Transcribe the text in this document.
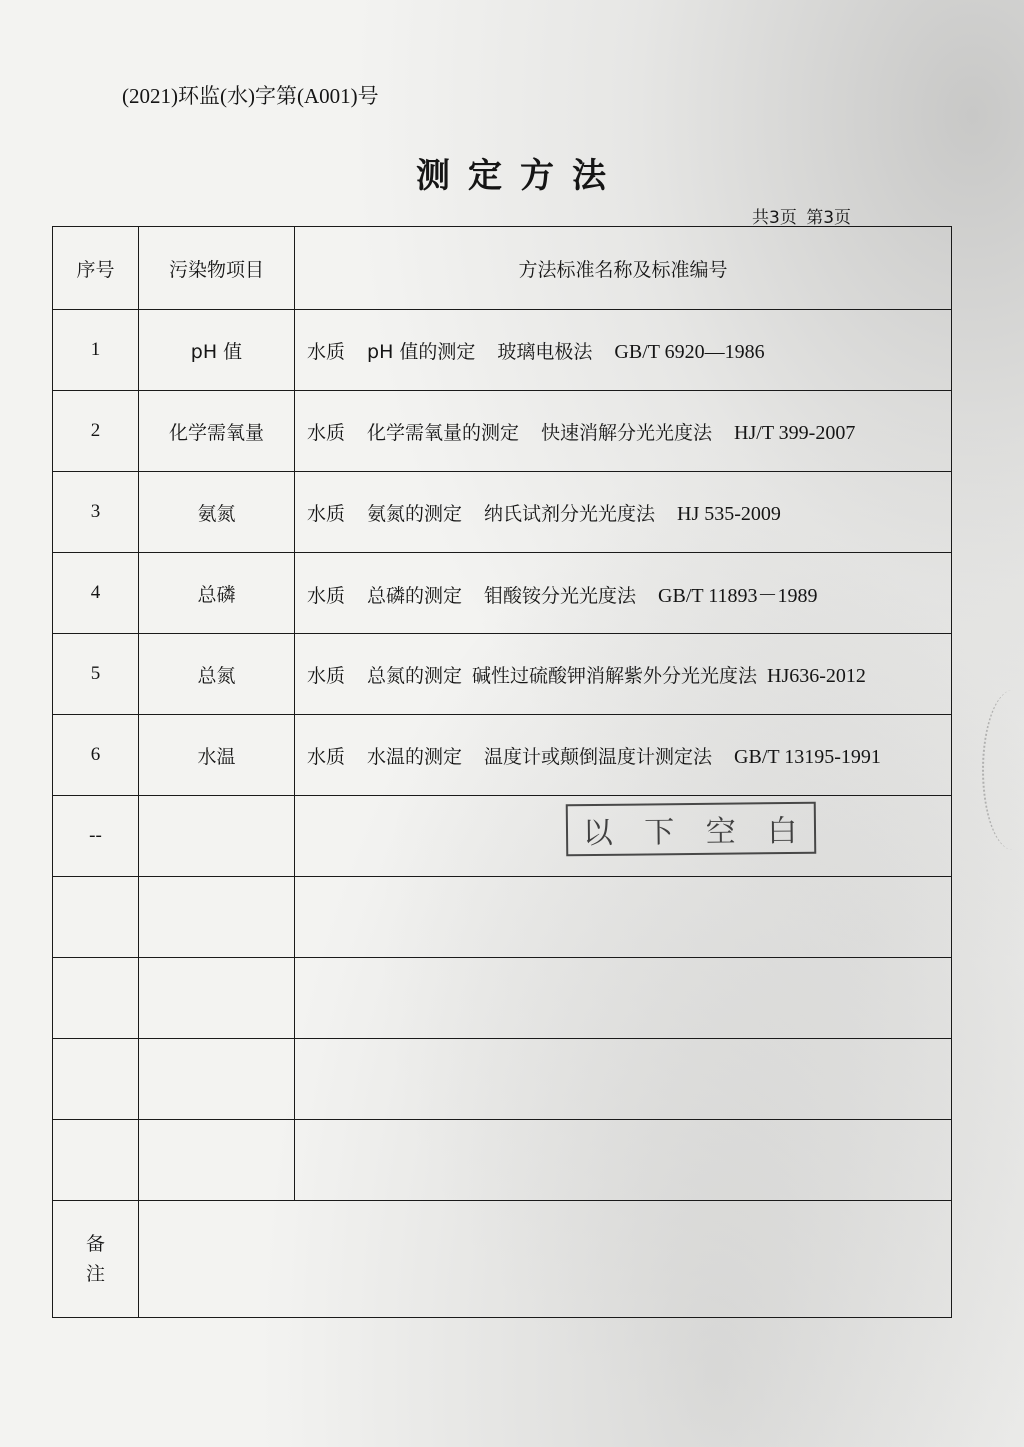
(2021)环监(水)字第(A001)号
测定方法
共3页 第3页
序号	污染物项目	方法标准名称及标准编号
1	pH 值	水质 pH 值的测定 玻璃电极法 GB/T 6920—1986
2	化学需氧量	水质 化学需氧量的测定 快速消解分光光度法 HJ/T 399-2007
3	氨氮	水质 氨氮的测定 纳氏试剂分光光度法 HJ 535-2009
4	总磷	水质 总磷的测定 钼酸铵分光光度法 GB/T 11893－1989
5	总氮	水质 总氮的测定 碱性过硫酸钾消解紫外分光光度法 HJ636-2012
6	水温	水质 水温的测定 温度计或颠倒温度计测定法 GB/T 13195-1991
--		

备
注		
以 下 空 白
